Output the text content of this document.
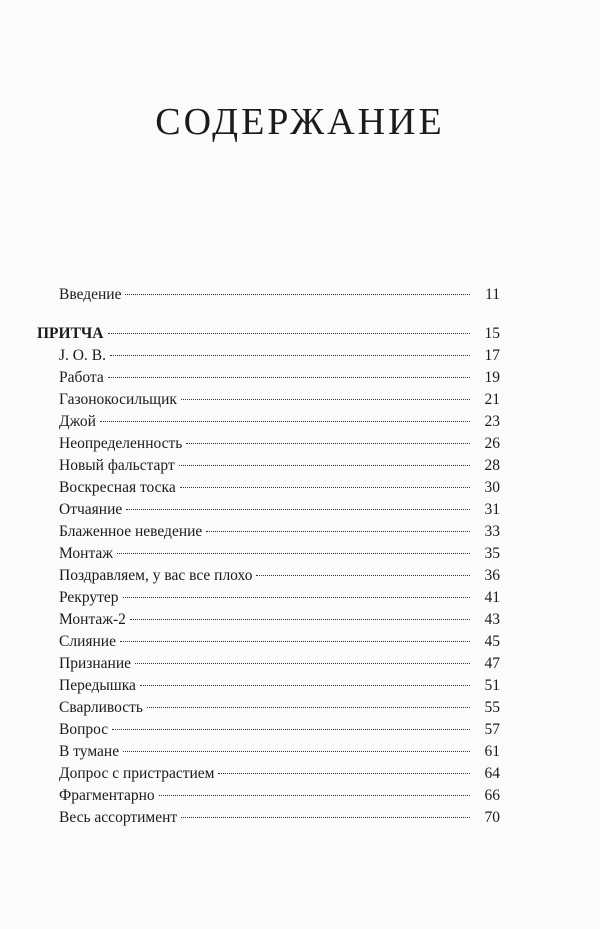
СОДЕРЖАНИЕ
Введение	11
ПРИТЧА	15
J. O. B.	17
Работа	19
Газонокосильщик	21
Джой	23
Неопределенность	26
Новый фальстарт	28
Воскресная тоска	30
Отчаяние	31
Блаженное неведение	33
Монтаж	35
Поздравляем, у вас все плохо	36
Рекрутер	41
Монтаж-2	43
Слияние	45
Признание	47
Передышка	51
Сварливость	55
Вопрос	57
В тумане	61
Допрос с пристрастием	64
Фрагментарно	66
Весь ассортимент	70
